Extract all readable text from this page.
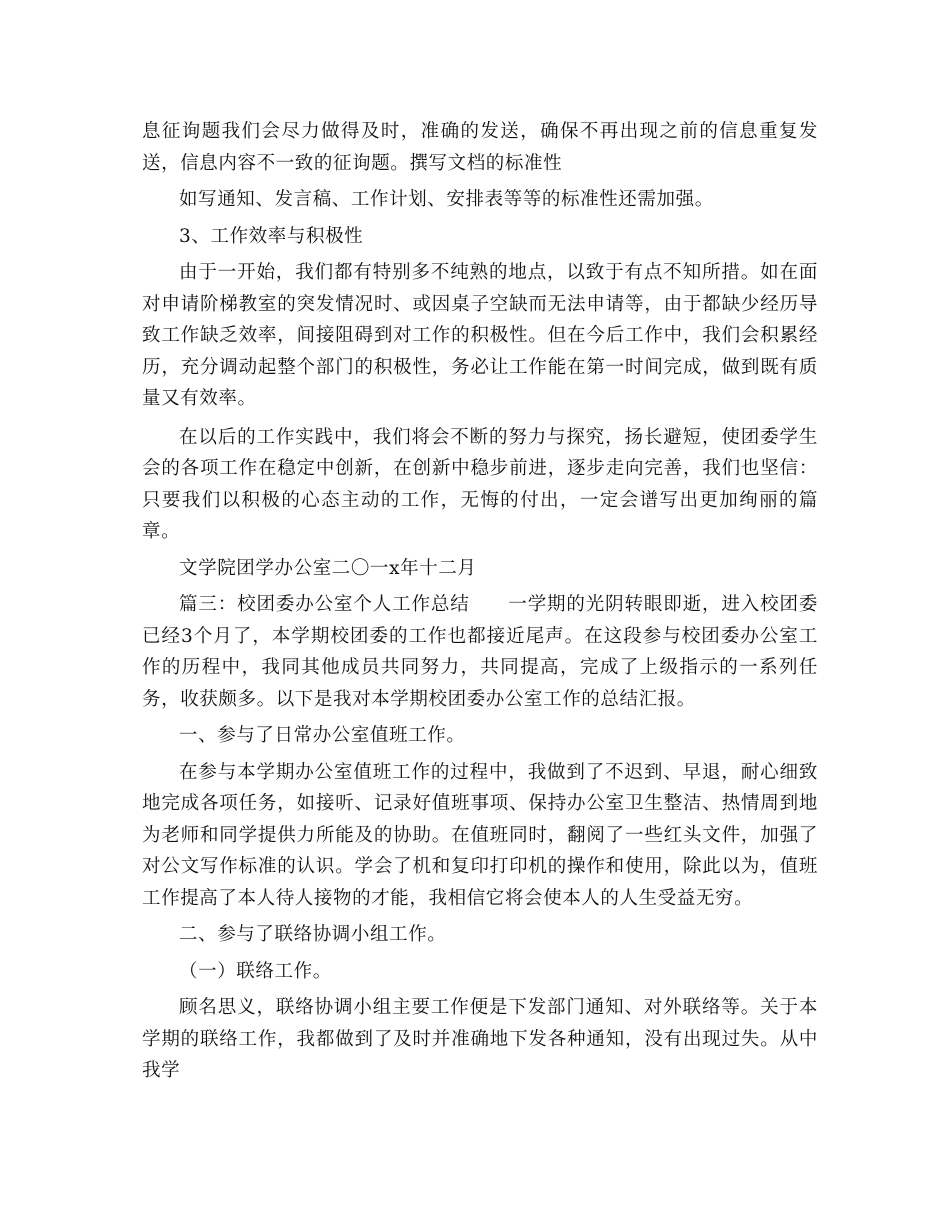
息征询题我们会尽力做得及时，准确的发送，确保不再出现之前的信息重复发送，信息内容不一致的征询题。撰写文档的标准性

如写通知、发言稿、工作计划、安排表等等的标准性还需加强。

3、工作效率与积极性

由于一开始，我们都有特别多不纯熟的地点，以致于有点不知所措。如在面对申请阶梯教室的突发情况时、或因桌子空缺而无法申请等，由于都缺少经历导致工作缺乏效率，间接阻碍到对工作的积极性。但在今后工作中，我们会积累经历，充分调动起整个部门的积极性，务必让工作能在第一时间完成，做到既有质量又有效率。

在以后的工作实践中，我们将会不断的努力与探究，扬长避短，使团委学生会的各项工作在稳定中创新，在创新中稳步前进，逐步走向完善，我们也坚信：只要我们以积极的心态主动的工作，无悔的付出，一定会谱写出更加绚丽的篇章。

文学院团学办公室二〇一x年十二月

篇三：校团委办公室个人工作总结　　一学期的光阴转眼即逝，进入校团委已经3个月了，本学期校团委的工作也都接近尾声。在这段参与校团委办公室工作的历程中，我同其他成员共同努力，共同提高，完成了上级指示的一系列任务，收获颇多。以下是我对本学期校团委办公室工作的总结汇报。

一、参与了日常办公室值班工作。

在参与本学期办公室值班工作的过程中，我做到了不迟到、早退，耐心细致地完成各项任务，如接听、记录好值班事项、保持办公室卫生整洁、热情周到地为老师和同学提供力所能及的协助。在值班同时，翻阅了一些红头文件，加强了对公文写作标准的认识。学会了机和复印打印机的操作和使用，除此以为，值班工作提高了本人待人接物的才能，我相信它将会使本人的人生受益无穷。

二、参与了联络协调小组工作。

（一）联络工作。

顾名思义，联络协调小组主要工作便是下发部门通知、对外联络等。关于本学期的联络工作，我都做到了及时并准确地下发各种通知，没有出现过失。从中我学
